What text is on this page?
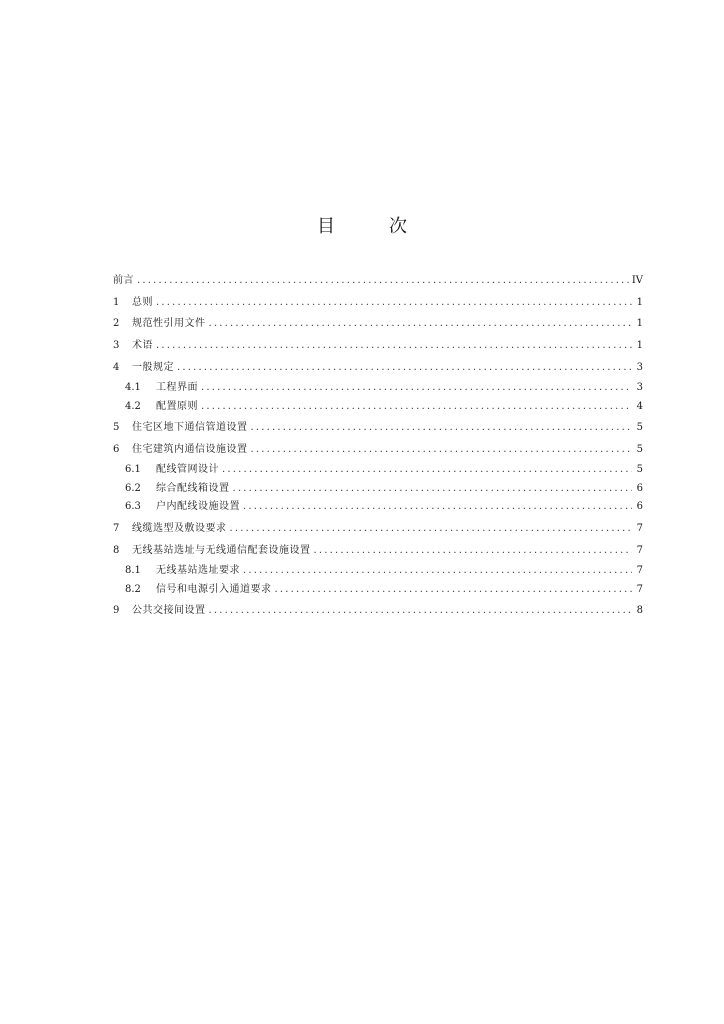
目　次
前言 .....	IV
1	总则 .....	1
2	规范性引用文件 .....	1
3	术语 .....	1
4	一般规定 .....	3
4.1	工程界面 .....	3
4.2	配置原则 .....	4
5	住宅区地下通信管道设置 .....	5
6	住宅建筑内通信设施设置 .....	5
6.1	配线管网设计 .....	5
6.2	综合配线箱设置 .....	6
6.3	户内配线设施设置 .....	6
7	线缆选型及敷设要求 .....	7
8	无线基站选址与无线通信配套设施设置 .....	7
8.1	无线基站选址要求 .....	7
8.2	信号和电源引入通道要求 .....	7
9	公共交接间设置 .....	8
